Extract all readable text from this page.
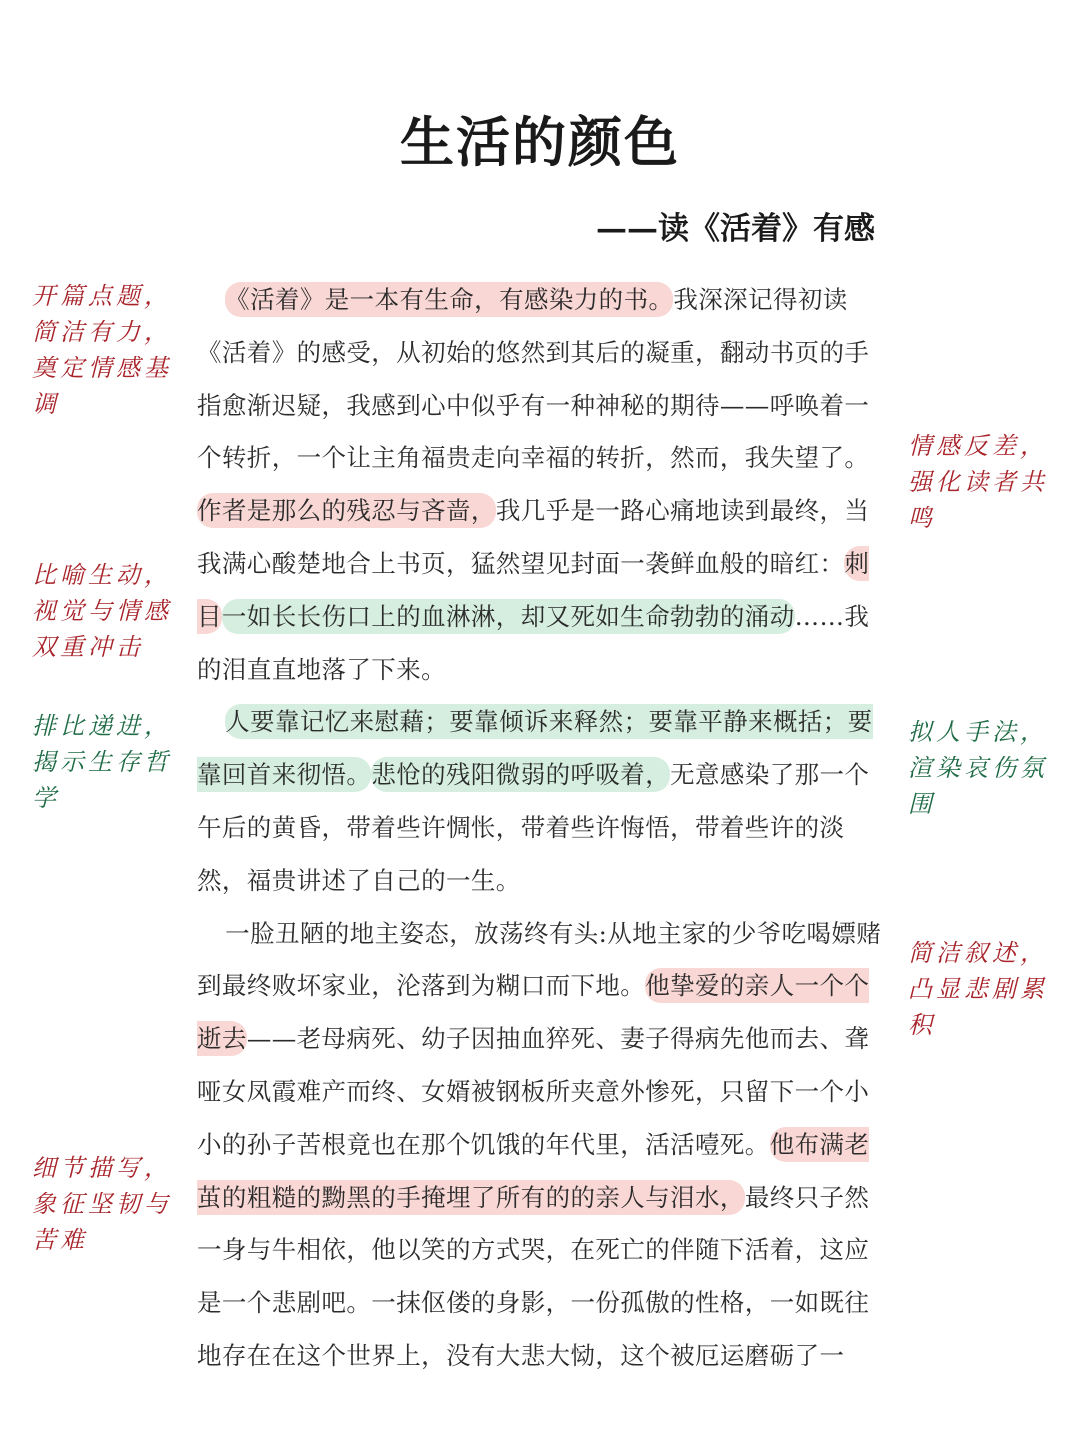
生活的颜色
——读《活着》有感

《活着》是一本有生命，有感染力的书。我深深记得初读《活着》的感受，从初始的悠然到其后的凝重，翻动书页的手指愈渐迟疑，我感到心中似乎有一种神秘的期待——呼唤着一个转折，一个让主角福贵走向幸福的转折，然而，我失望了。作者是那么的残忍与吝啬，我几乎是一路心痛地读到最终，当我满心酸楚地合上书页，猛然望见封面一袭鲜血般的暗红：刺目一如长长伤口上的血淋淋，却又死如生命勃勃的涌动……我的泪直直地落了下来。

人要靠记忆来慰藉；要靠倾诉来释然；要靠平静来概括；要靠回首来彻悟。悲怆的残阳微弱的呼吸着，无意感染了那一个午后的黄昏，带着些许惆怅，带着些许悔悟，带着些许的淡然，福贵讲述了自己的一生。

一脸丑陋的地主姿态，放荡终有头:从地主家的少爷吃喝嫖赌到最终败坏家业，沦落到为糊口而下地。他挚爱的亲人一个个逝去——老母病死、幼子因抽血猝死、妻子得病先他而去、聋哑女凤霞难产而终、女婿被钢板所夹意外惨死，只留下一个小小的孙子苦根竟也在那个饥饿的年代里，活活噎死。他布满老茧的粗糙的黝黑的手掩埋了所有的的亲人与泪水，最终只子然一身与牛相依，他以笑的方式哭，在死亡的伴随下活着，这应是一个悲剧吧。一抹伛偻的身影，一份孤傲的性格，一如既往地存在在这个世界上，没有大悲大恸，这个被厄运磨砺了一

开篇点题，简洁有力，奠定情感基调
情感反差，强化读者共鸣
比喻生动，视觉与情感双重冲击
排比递进，揭示生存哲学
拟人手法，渲染哀伤氛围
简洁叙述，凸显悲剧累积
细节描写，象征坚韧与苦难
